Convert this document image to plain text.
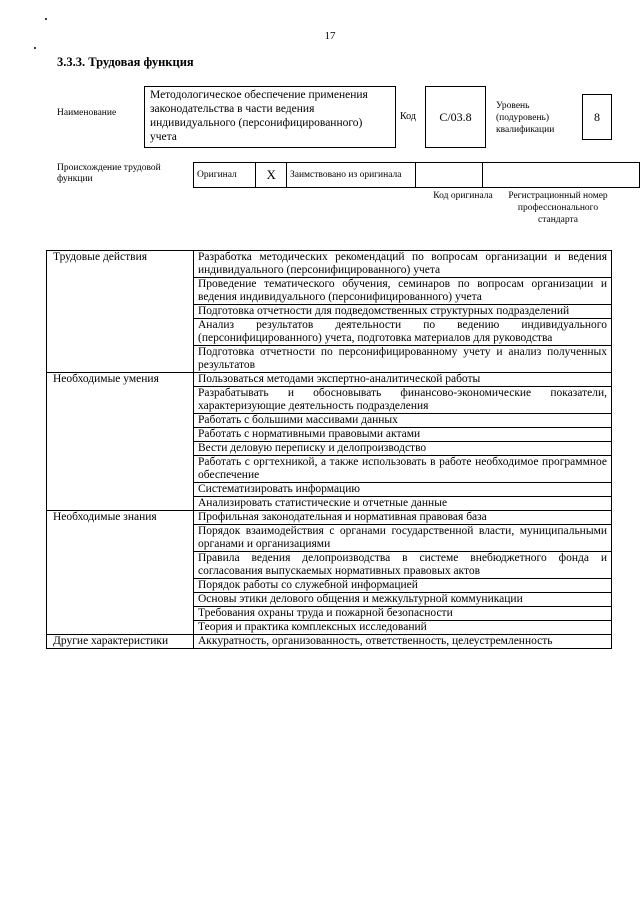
17
3.3.3. Трудовая функция
Наименование
Методологическое обеспечение применения законодательства в части ведения индивидуального (персонифицированного) учета
Код C/03.8
Уровень (подуровень) квалификации
8
Происхождение трудовой функции	Оригинал	X	Заимствовано из оригинала		
Код оригинала	Регистрационный номер профессионального стандарта
Трудовые действия	Разработка методических рекомендаций по вопросам организации и ведения индивидуального (персонифицированного) учета
	Проведение тематического обучения, семинаров по вопросам организации и ведения индивидуального (персонифицированного) учета
	Подготовка отчетности для подведомственных структурных подразделений
	Анализ результатов деятельности по ведению индивидуального (персонифицированного) учета, подготовка материалов для руководства
	Подготовка отчетности по персонифицированному учету и анализ полученных результатов
Необходимые умения	Пользоваться методами экспертно-аналитической работы
	Разрабатывать и обосновывать финансово-экономические показатели, характеризующие деятельность подразделения
	Работать с большими массивами данных
	Работать с нормативными правовыми актами
	Вести деловую переписку и делопроизводство
	Работать с оргтехникой, а также использовать в работе необходимое программное обеспечение
	Систематизировать информацию
	Анализировать статистические и отчетные данные
Необходимые знания	Профильная законодательная и нормативная правовая база
	Порядок взаимодействия с органами государственной власти, муниципальными органами и организациями
	Правила ведения делопроизводства в системе внебюджетного фонда и согласования выпускаемых нормативных правовых актов
	Порядок работы со служебной информацией
	Основы этики делового общения и межкультурной коммуникации
	Требования охраны труда и пожарной безопасности
	Теория и практика комплексных исследований
Другие характеристики	Аккуратность, организованность, ответственность, целеустремленность
